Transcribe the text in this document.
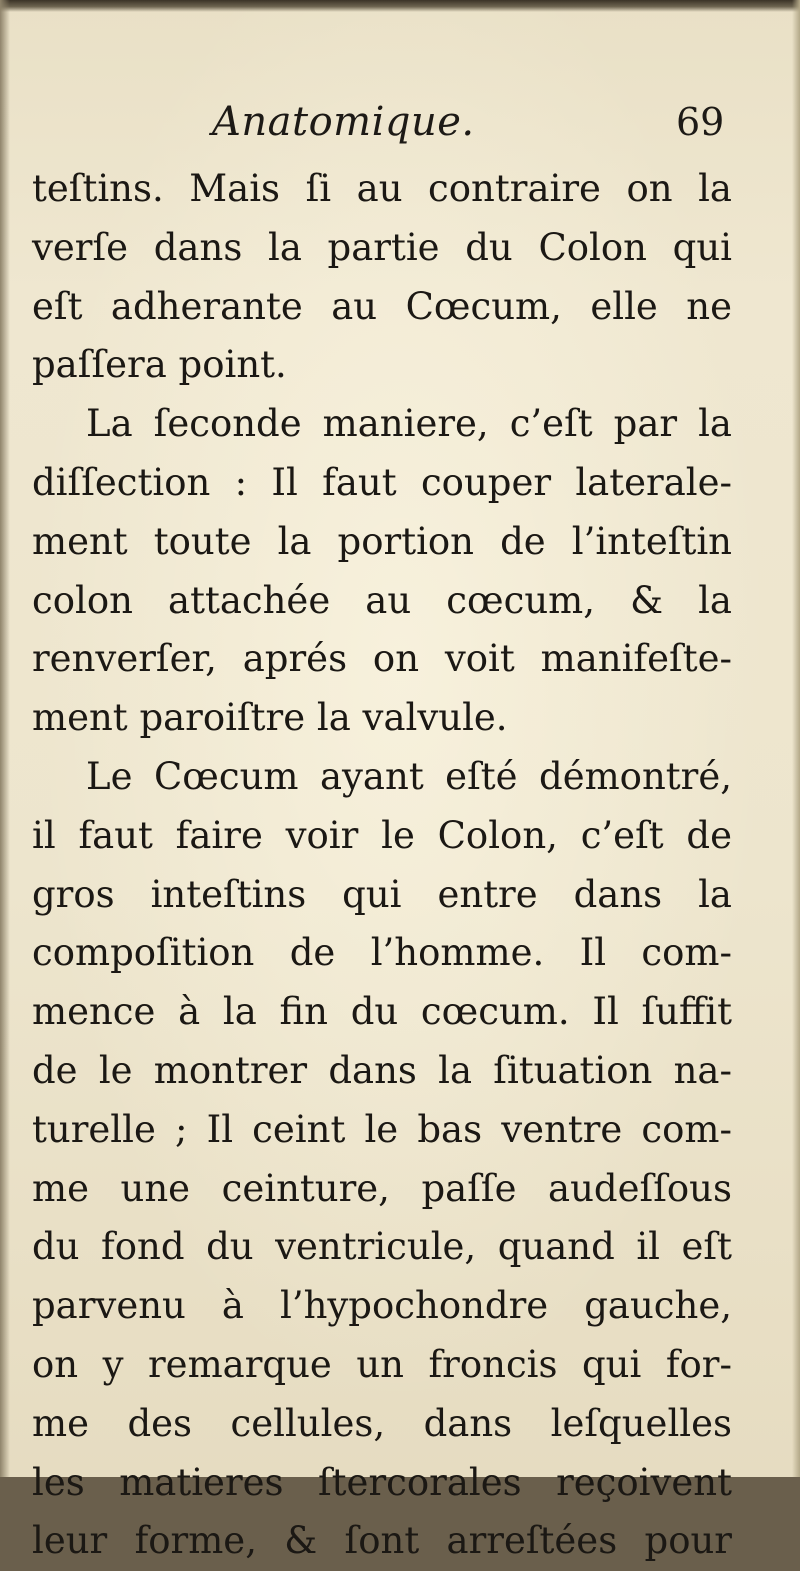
Anatomique.	69
teſtins. Mais ſi au contraire on la
verſe dans la partie du Colon qui
eſt adherante au Cœcum, elle ne
paſſera point.
La ſeconde maniere, c’eſt par la
diſſection : Il faut couper laterale-
ment toute la portion de l’inteſtin
colon attachée au cœcum, & la
renverſer, aprés on voit manifeſte-
ment paroiſtre la valvule.
Le Cœcum ayant eſté démontré,
il faut faire voir le Colon, c’eſt de
gros inteſtins qui entre dans la
compoſition de l’homme. Il com-
mence à la fin du cœcum. Il ſuffit
de le montrer dans la ſituation na-
turelle ; Il ceint le bas ventre com-
me une ceinture, paſſe audeſſous
du fond du ventricule, quand il eſt
parvenu à l’hypochondre gauche,
on y remarque un froncis qui for-
me des cellules, dans leſquelles
les matieres ſtercorales reçoivent
leur forme, & ſont arreſtées pour
